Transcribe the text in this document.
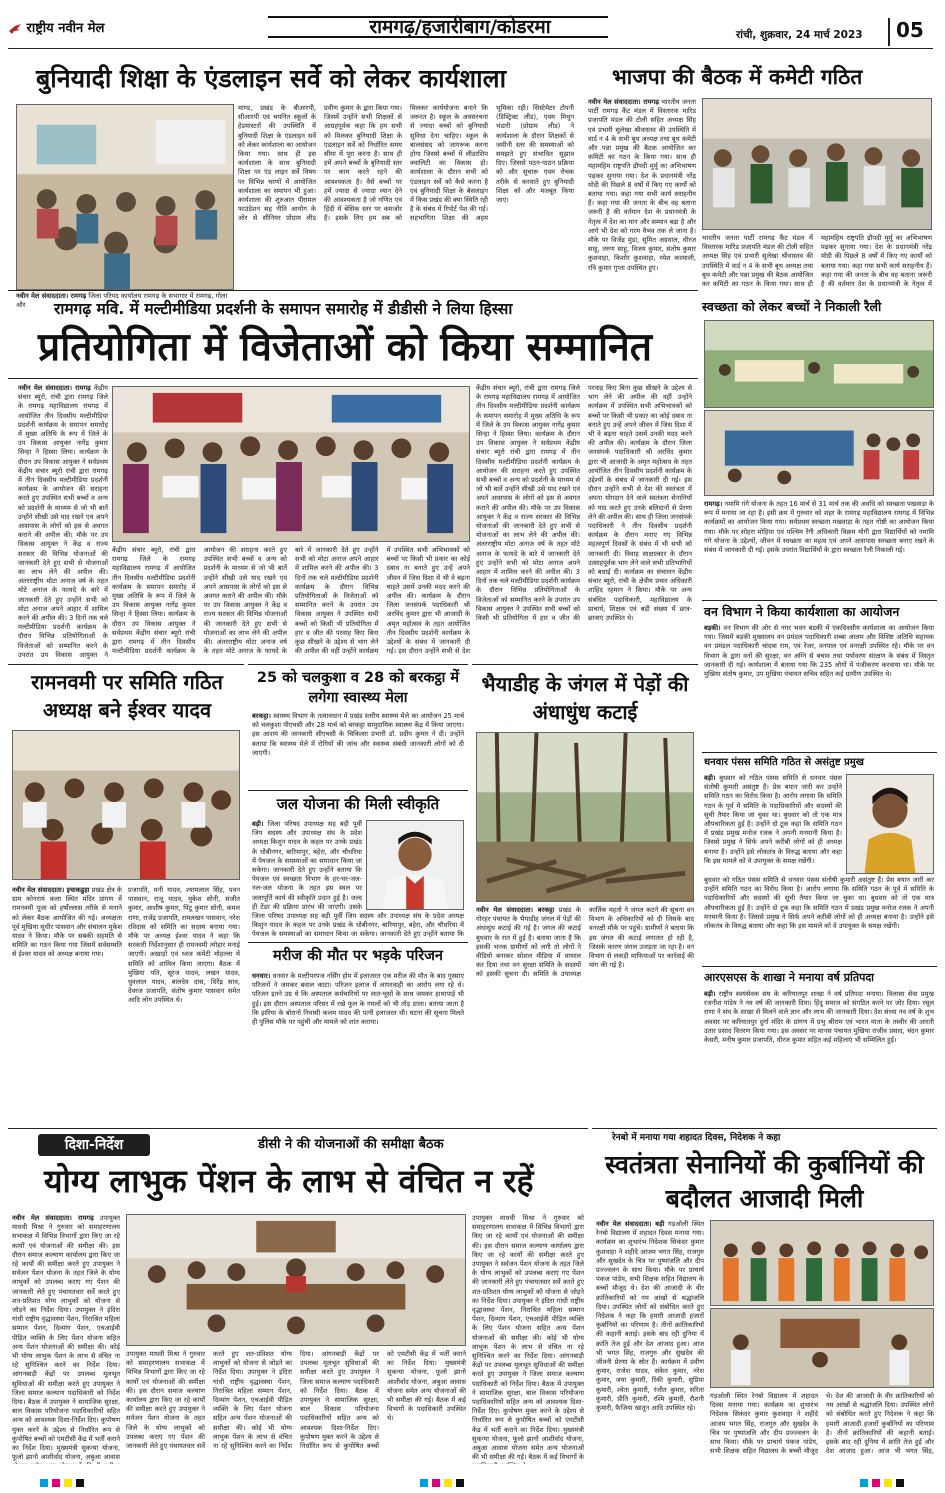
राष्ट्रीय नवीन मेल	रामगढ़/हजारीबाग/कोडरमा	रांची, शुक्रवार, 24 मार्च 2023 05
बुनियादी शिक्षा के एंडलाइन सर्वे को लेकर कार्यशाला
नवीन मेल संवाददाता। रामगढ़ जिला परियद कार्यालय रामगढ़ के सभागार में रामगढ़, गोला और
माण्ड, प्रखंड के बीआरपी, सीआरपी एवं चयनित स्कूलों के हेडमास्टरों की उपस्थिति में बुनियादी शिक्षा के एंडलाइन सर्वे को लेकर कार्यशाला का आयोजन किया गया। साथ ही इस कार्यशाला के साथ बुनियादी शिक्षा पर एंड लाइन सर्वे विषय पर विभिन्न चरणों में आयोजित कार्यशाला का समापन भी हुआ। कार्यशाला की शुरुआत पीरामल फाउंडेशन सह नीति आयोग के ओर से सीनियर प्रोग्राम लीड प्रवीण कुमार के द्वारा किया गया। जिसमें उन्होंने सभी शिक्षकों से आग्रहपूर्वक कहा कि हम सभी को मिलकर बुनियादी शिक्षा के एंडलाइन सर्वे को निर्धारित समय सीमा में पूरा करना है। साथ ही हमें अपने बच्चों के बुनियादी स्तर पर काम करते रहने की आवश्यकता है। वैसे बच्चों पर हमें ज्यादा से ज्यादा ध्यान देने की आवश्यकता है जो गणित एवं हिंदी में बेसिक स्तर पर कमजोर हैं। इसके लिए हम सब को मिलकर कार्ययोजना बनाने कि जरूरत है। स्कूल के अवसंरचना से ज्यादा बच्चों को बुनियादी सुविधा देना चाहिए। स्कूल के बालसंसद को जागरूक करना होगा जिससे बच्चों में लीडरशिप क्वालिटी का विकास हो। कार्यशाला के दौरान सभी को एंडलाइन सर्वे को कैसे करना है एवं बुनियादी शिक्षा के बेसलाइन में किस प्रखंड की क्या स्थिति रही है के संबंध में रिपोर्ट पेश की गई। सहभागिता शिक्षा की अहम भूमिका रही। सिस्टेमेटर टोपनी (डिस्ट्रिक्ट लीड), एवम मिथुन भंडारी (प्रोग्राम लीड) ने कार्यशाला के दौरान शिक्षकों से जमीनी स्तर की समस्याओं को समझते हुए संभावित सुझाव दिए। जिससे पठन-पाठन प्रक्रिया को और सुचारू एवम रोचक तरीके से करवाते हुए बुनियादी शिक्षा को और मजबूत किया जाए।
भाजपा की बैठक में कमेटी गठित
नवीन मेल संवाददाता। रामगढ़ भारतीय जनता पार्टी रामगढ़ कैंट मंडल में विस्तारक मारिड प्रजापति मंडल की टोली सहित अध्यक्ष सिंह एवं प्रभारी सुलेखा श्रीवास्तव की उपस्थिति में वार्ड न 4 के सभी बूथ अध्यक्ष तथा बूथ कमेटी और पन्ना प्रमुख की बैठक आयोजित कर कमिटी का गठन के किया गया। साथ ही महामहिम राष्ट्रपति द्रौपदी मुर्मू का अभिभाषण पढ़कर सुनाया गया। देश के प्रधानमंत्री नरेंद्र मोदी की पिछले 8 वर्षों में किए गए कार्यों को बताया गया। कहा गया सभी कार्य सराहनीय हैं। कहा गया की जनता के बीच वह बताना जरूरी है की वर्तमान देश के प्रधानमंत्री के नेतृत्व में देश का मान और सम्मान बढ़ा है और आगे भी देश को गरम वैभव तक ले जाना है। मौके पर विजेंद्र मुंडा, सुमित अग्रवाल, धीरज साहू, तरुण साहू, विजय कुमार, संतोष कुमार कुशवाहा, किशोर कुशवाहा, रमेश करमाली, रवि कुमार गुप्ता उपस्थित हुए।
भारतीय जनता पार्टी रामगढ़ कैंट मंडल में विस्तारक मारिड प्रजापति मंडल की टोली सहित अध्यक्ष सिंह एवं प्रभारी सुलेखा श्रीवास्तव की उपस्थिति में वार्ड न 4 के सभी बूथ अध्यक्ष तथा बूथ कमेटी और पन्ना प्रमुख की बैठक आयोजित कर कमिटी का गठन के किया गया। साथ ही महामहिम राष्ट्रपति द्रौपदी मुर्मू का अभिभाषण पढ़कर सुनाया गया। देश के प्रधानमंत्री नरेंद्र मोदी की पिछले 8 वर्षों में किए गए कार्यों को बताया गया। कहा गया सभी कार्य सराहनीय हैं। कहा गया की जनता के बीच वह बताना जरूरी है की वर्तमान देश के प्रधानमंत्री के नेतृत्व में
रामगढ़ मवि. में मल्टीमीडिया प्रदर्शनी के समापन समारोह में डीडीसी ने लिया हिस्सा
प्रतियोगिता में विजेताओं को किया सम्मानित
नवीन मेल संवाददाता। रामगढ़ केंद्रीय संचार ब्यूरो, रांची द्वारा रामगढ़ जिले के रामगढ़ महाविद्यालय रामगढ़ में आयोजित तीन दिवसीय मल्टीमीडिया प्रदर्शनी कार्यक्रम के समापन समारोह में मुख्य अतिथि के रूप में जिले के उप विकास आयुक्त नागेंद्र कुमार सिन्हा ने हिस्सा लिया। कार्यक्रम के दौरान उप विकास आयुक्त ने सर्वप्रथम केंद्रीय संचार ब्यूरो रांची द्वारा रामगढ़ में तीन दिवसीय मल्टीमीडिया प्रदर्शनी कार्यक्रम के आयोजन की सराहना करते हुए उपस्थित सभी बच्चों व अन्य को प्रदर्शनी के माध्यम से जो भी बातें उन्होंने सीखी उसे याद रखने एवं अपने आसपास के लोगों को इस से अवगत कराने की अपील की। मौके पर उप विकास आयुक्त ने केंद्र व राज्य सरकार की विभिन्न योजनाओं की जानकारी देते हुए सभी से योजनाओं का लाभ लेने की अपील की। अंतरराष्ट्रीय मोटा अनाज वर्ष के तहत मोटे अनाज के फायदे के बारे में जानकारी देते हुए उन्होंने सभी को मोटा अनाज अपने आहार में शामिल करने की अपील की। 3 दिनों तक चले मल्टीमीडिया प्रदर्शनी कार्यक्रम के दौरान विभिन्न प्रतियोगिताओं के विजेताओं को सम्मानित करने के उपरांत उप विकास आयुक्त ने
केंद्रीय संचार ब्यूरो, रांची द्वारा रामगढ़ जिले के रामगढ़ महाविद्यालय रामगढ़ में आयोजित तीन दिवसीय मल्टीमीडिया प्रदर्शनी कार्यक्रम के समापन समारोह में मुख्य अतिथि के रूप में जिले के उप विकास आयुक्त नागेंद्र कुमार सिन्हा ने हिस्सा लिया। कार्यक्रम के दौरान उप विकास आयुक्त ने सर्वप्रथम केंद्रीय संचार ब्यूरो रांची द्वारा रामगढ़ में तीन दिवसीय मल्टीमीडिया प्रदर्शनी कार्यक्रम के आयोजन की सराहना करते हुए उपस्थित सभी बच्चों व अन्य को प्रदर्शनी के माध्यम से जो भी बातें उन्होंने सीखी उसे याद रखने एवं अपने आसपास के लोगों को इस से अवगत कराने की अपील की। मौके पर उप विकास आयुक्त ने केंद्र व राज्य सरकार की विभिन्न योजनाओं की जानकारी देते हुए सभी से योजनाओं का लाभ लेने की अपील की। अंतरराष्ट्रीय मोटा अनाज वर्ष के तहत मोटे अनाज के फायदे के बारे में जानकारी देते हुए उन्होंने सभी को मोटा अनाज अपने आहार में शामिल करने की अपील की। 3 दिनों तक चले मल्टीमीडिया प्रदर्शनी कार्यक्रम के दौरान विभिन्न प्रतियोगिताओं के विजेताओं को सम्मानित करने के उपरांत उप विकास आयुक्त ने उपस्थित सभी बच्चों को किसी भी प्रतियोगिता में हार व जीत की परवाह किए बिना कुछ सीखने के उद्देश्य से भाग लेने की अपील की वहीं उन्होंने कार्यक्रम में उपस्थित सभी अभिभावकों को बच्चों पर किसी भी प्रकार का कोई दबाव ना बनाते हुए उन्हें अपने जीवन में जिस दिशा में भी वे बढ़ना चाहते उसमें उनकी मदद करने की अपील की। कार्यक्रम के दौरान जिला जनसंपर्क पदाधिकारी श्री अरविंद कुमार द्वारा भी आजादी के अमृत महोत्सव के तहत आयोजित तीन दिवसीय प्रदर्शनी कार्यक्रम के उद्देश्यों के संबंध में जानकारी दी गई। इस दौरान उन्होंने सभी से देश
केंद्रीय संचार ब्यूरो, रांची द्वारा रामगढ़ जिले के रामगढ़ महाविद्यालय रामगढ़ में आयोजित तीन दिवसीय मल्टीमीडिया प्रदर्शनी कार्यक्रम के समापन समारोह में मुख्य अतिथि के रूप में जिले के उप विकास आयुक्त नागेंद्र कुमार सिन्हा ने हिस्सा लिया। कार्यक्रम के दौरान उप विकास आयुक्त ने सर्वप्रथम केंद्रीय संचार ब्यूरो रांची द्वारा रामगढ़ में तीन दिवसीय मल्टीमीडिया प्रदर्शनी कार्यक्रम के आयोजन की सराहना करते हुए उपस्थित सभी बच्चों व अन्य को प्रदर्शनी के माध्यम से जो भी बातें उन्होंने सीखी उसे याद रखने एवं अपने आसपास के लोगों को इस से अवगत कराने की अपील की। मौके पर उप विकास आयुक्त ने केंद्र व राज्य सरकार की विभिन्न योजनाओं की जानकारी देते हुए सभी से योजनाओं का लाभ लेने की अपील की। अंतरराष्ट्रीय मोटा अनाज वर्ष के तहत मोटे अनाज के फायदे के बारे में जानकारी देते हुए उन्होंने सभी को मोटा अनाज अपने आहार में शामिल करने की अपील की। 3 दिनों तक चले मल्टीमीडिया प्रदर्शनी कार्यक्रम के दौरान विभिन्न प्रतियोगिताओं के विजेताओं को सम्मानित करने के उपरांत उप विकास आयुक्त ने उपस्थित सभी बच्चों को किसी भी प्रतियोगिता में हार व जीत की परवाह किए बिना कुछ सीखने के उद्देश्य से भाग लेने की अपील की वहीं उन्होंने कार्यक्रम में उपस्थित सभी अभिभावकों को बच्चों पर किसी भी प्रकार का कोई दबाव ना बनाते हुए उन्हें अपने जीवन में जिस दिशा में भी वे बढ़ना चाहते उसमें उनकी मदद करने की अपील की। कार्यक्रम के दौरान जिला जनसंपर्क पदाधिकारी श्री अरविंद कुमार द्वारा भी आजादी के अमृत महोत्सव के तहत आयोजित तीन दिवसीय प्रदर्शनी कार्यक्रम के उद्देश्यों के संबंध में जानकारी दी गई। इस दौरान उन्होंने सभी से देश की स्वतंत्रता में अपना योगदान देने वाले स्वतंत्रता सेनानियों को याद करते हुए उनके बलिदानों से प्रेरणा लेने की अपील की। साथ ही जिला जनसंपर्क पदाधिकारी ने तीन दिवसीय प्रदर्शनी कार्यक्रम के दौरान मनाए गए विभिन्न महत्वपूर्ण दिवसों के संबंध में भी सभी को जानकारी दी। विवाह साक्षात्कार के दौरान उत्साहपूर्वक भाग लेने वाले सभी प्रतिभागियों को बधाई दी। कार्यक्रम का संचालन केंद्रीय संचार ब्यूरो, रांची के क्षेत्रीय प्रचार अधिकारी शाहिद रहमान ने किया। मौके पर अन्य संबंधित पदाधिकारी, महाविद्यालय के प्राचार्य, शिक्षक एवं बड़ी संख्या में छात्र-छात्राएं उपस्थित थे।
स्वच्छता को लेकर बच्चों ने निकाली रैली
रामगढ़। नमामि गंगे योजना के तहत 16 मार्च से 31 मार्च तक की अवधि को स्वच्छता पखवाड़ा के रूप में मनाया जा रहा है। इसी क्रम में गुरुवार को शहर के रामगढ़ महाविद्यालय रामगढ़ में विभिन्न कार्यक्रमों का आयोजन किया गया। सर्वप्रथम स्वच्छता पखवाड़ा के तहत गोष्ठी का आयोजन किया गया। मौके पर सोहरा मोहिया एवं पश्चिम रेंगी अधिकारी विक्रम योगी द्वारा विद्यार्थियों को नमामि गंगे योजना के उद्देश्यों, जीवन में स्वच्छता का महत्व एवं अपने आसपास स्वच्छता बनाए रखने के संबंध में जानकारी दी गई। इसके उपरांत विद्यार्थियों के द्वारा स्वच्छता रैली निकाली गई।
वन विभाग ने किया कार्यशाला का आयोजन
बड़की। वन विभाग की ओर से नगर भवन बड़की में एकदिवसीय कार्यशाला का आयोजन किया गया। जिसमें बड़की मुख्यालय वन प्रमंडल पदाधिकारी शब्बा आलम और विशिष्ट अतिथि सहायक वन प्रमंडल पदाधिकारी चांदबा राम, एवं रेंजर, वनपाल एवं वनरक्षी उपस्थित रहे। मौके पर वन विभाग के द्वारा वनों की सुरक्षा, वन अग्नि से बचाव तथा पर्यावरण संरक्षण के संबंध में विस्तृत जानकारी दी गई। कार्यशाला में बताया गया कि 235 लोगों में पंजीकरण करवाया था। मौके पर मुखिया संतोष कुमार, उप मुखिया पंचायत सचिव सहित कई ग्रामीण उपस्थित थे।
धनवार पंसस समिति गठित से असंतुष्ट प्रमुख
बड़ी। बुधवार को गठित पंसस समिति से धनवार पंसस संतोषी कुमारी असंतुष्ट हैं। प्रेस बयान जारी कर उन्होंने समिति गठन का विरोध किया है। आरोप लगाया कि समिति गठन के पूर्व में समिति के पदाधिकारियों और सदस्यों की सूची तैयार किया जा चुका था। बुधवार को तो एक मात्र औपचारिकता हुई है। उन्होंने दो टूक कहा कि समिति गठन में प्रखंड प्रमुख मनोज रजक ने अपनी मनमानी किया है। जिससे प्रमुख ने सिर्फ अपने करीबी लोगों को ही अध्यक्ष बनाया है। उन्होंने इसे लोकतंत्र के विरुद्ध बताया और कहा कि इस मामले को वे उपायुक्त के समक्ष रखेंगी।
बुधवार को गठित पंसस समिति से धनवार पंसस संतोषी कुमारी असंतुष्ट हैं। प्रेस बयान जारी कर उन्होंने समिति गठन का विरोध किया है। आरोप लगाया कि समिति गठन के पूर्व में समिति के पदाधिकारियों और सदस्यों की सूची तैयार किया जा चुका था। बुधवार को तो एक मात्र औपचारिकता हुई है। उन्होंने दो टूक कहा कि समिति गठन में प्रखंड प्रमुख मनोज रजक ने अपनी मनमानी किया है। जिससे प्रमुख ने सिर्फ अपने करीबी लोगों को ही अध्यक्ष बनाया है। उन्होंने इसे लोकतंत्र के विरुद्ध बताया और कहा कि इस मामले को वे उपायुक्त के समक्ष रखेंगी।
आरएसएस के शाखा ने मनाया वर्ष प्रतिपदा
बड़ी। राष्ट्रीय स्वयंसेवक संघ के करियातपुर शाखा ने वर्ष प्रतिपदा मनाया। विलासा सेवा प्रमुख रजनीश पांडेय ने नव वर्ष की जानकारी दिया। हिंदु समाज को संगठित करने पर जोर दिया। रसूल राणा ने संघ के शाखा से मिलने वाले ज्ञान और लाभ की जानकारी दिया। देश संध्या नव वर्ष के शुभ अवसर पर करियातपुर दुर्गा मंदिर के प्रांगण में प्रभु श्रीराम एवं भारत माता के तस्वीर की आरती उतार प्रसाद वितरण किया गया। इस अवसर पर मानस पंचायत मुखिया राजीव प्रसाद, चंदन कुमार केसरी, मनीष कुमार प्रजापति, धीरज कुमार सहित कई महिलाएं भी सम्मिलित हुईं।
रामनवमी पर समिति गठित अध्यक्ष बने ईश्वर यादव
नवीन मेल संवाददाता। इचाकडुहा प्रखंड क्षेत्र के ग्राम कोनरायं कला स्थित मंदिर प्रांगण में रामनवमी पूजा को हर्षोल्लास तरीके से मनाने को लेकर बैठक आयोजित की गई। अध्यक्षता पूर्व मुखिया सुधीर पासवान और संचालन मुकेश यादव ने किया। मौके पर सबकी सहमति से समिति का गठन किया गया जिसमें सर्वसम्मति से ईश्वर यादव को अध्यक्ष बनाया गया।
प्रजापति, मनी यादव, श्यामलाल सिंह, पवन पासवान, राजू यादव, मुकेश सोनी, संजीत कुमार, आशीष कुमार, पिंटू कुमार सोनी, कमल राणा, राजेंद्र प्रजापति, रामलखन पासवान, नरेश रविदास को समिति का सदस्य बनाया गया। मौके पर अध्यक्ष ईश्वर यादव ने कहा कि सरकारी निर्देशानुसार ही रामनवमी त्योहार मनाई जाएगी। अखाड़ों एवं ध्वज कमेटी मोहल्ला में समिति को शामिल किया जाएगा। बैठक में मुखिया पति, सूरज यादव, लखन यादव, धुवलाल यादव, बालदेव दास, धिरेंद्र साव, देवरज प्रजापति, संतोष कुमार पासवान समेत आदि लोग उपस्थित थे।
25 को चलकुशा व 28 को बरकट्ठा में लगेगा स्वास्थ्य मेला
बरकट्ठा। स्वास्थ्य विभाग के तत्वावधान में प्रखंड स्तरीय स्वास्थ्य मेले का आयोजन 25 मार्च को चलकुशा पीएचसी और 28 मार्च को बरकट्ठा सामुदायिक स्वास्थ्य केंद्र में किया जाएगा। इस आशय की जानकारी सीएचसी के चिकित्सा प्रभारी डॉ. प्रदीप कुमार ने दी। उन्होंने बताया कि स्वास्थ्य मेले में रोगियों की जांच और स्वास्थ्य संबंधी जानकारी लोगों को दी जाएगी।
जल योजना की मिली स्वीकृति
बड़ी। जिला परिषद उपाध्यक्ष सह बड़ी पूर्वी जिप सदस्य और उपाध्यक्ष संघ के प्रदेश अध्यक्ष किशुन यादव के कहल पर उनके प्रखंड के धोबीनगर, बारियापुर, बहेरा, और चौधरिया में पेयजल के समस्याओं का समाधान किया जा सकेगा। जानकारी देते हुए उन्होंने बताया कि पेयजल एवं स्वच्छता विभाग के हर-घर-जल-नल-जल योजना के तहत इस स्थल पर जलापूर्ति कार्य की स्वीकृति प्रदान हुई है। जल्द ही टेंडर की प्रक्रिया प्रारंभ की जाएगी। उसके
जिला परिषद उपाध्यक्ष सह बड़ी पूर्वी जिप सदस्य और उपाध्यक्ष संघ के प्रदेश अध्यक्ष किशुन यादव के कहल पर उनके प्रखंड के धोबीनगर, बारियापुर, बहेरा, और चौधरिया में पेयजल के समस्याओं का समाधान किया जा सकेगा। जानकारी देते हुए उन्होंने बताया कि
मरीज की मौत पर भड़के परिजन
धनवार। धनवार के मल्टीपरपज नर्सिंग होम में इलाजरत एक मरीज की मौत के बाद गुस्साए परिजनों ने जमकर बवाल काटा। परिजन इलाज में लापरवाही का आरोप लगा रहे थे। परिजन इतने उग्र थे कि अस्पताल कर्मचारियों पर लात-घूसों के साथ जमकर हाथापाई भी हुई। इस दौरान अस्पताल परिसर में रखे फूल के गमलों को भी तोड़ डाला। बताया जाता है कि झरिया के बोरानो निवासी कलम यादव की पत्नी इलाजरत थी। घटना की सूचना मिलते ही पुलिस मौके पर पहुंची और मामले को शांत कराया।
भैयाडीह के जंगल में पेड़ों की अंधाधुंध कटाई
नवीन मेल संवाददाता। बरकट्ठा प्रखंड के गोरहर पंचायत के भैयाडीह जंगल में पेड़ों की अंधाधुंध कटाई की गई है। जंगल की कटाई बुधवार के रात में हुई है। बताया जाता है कि इसकी भनक ग्रामीणों को लगी तो लोगों ने वीडियो बनाकर सोशल मीडिया में वायरल कर दिया तथा वन सुरक्षा समिति के सदस्यों को इसकी सूचना दी। समिति के उपाध्यक्ष कार्तिक महतो ने जंगल कटने की सूचना वन विभाग के अधिकारियों को दी जिसके बाद वनरक्षी मौके पर पहुंचे। ग्रामीणों ने बताया कि इस जंगल की कटाई लगातार हो रही है, जिसके कारण जंगल उजड़ता जा रहा है। वन विभाग से लकड़ी माफियाओं पर कार्रवाई की मांग की गई है।
दिशा-निर्देश	डीसी ने की योजनाओं की समीक्षा बैठक
योग्य लाभुक पेंशन के लाभ से वंचित न रहें
नवीन मेल संवाददाता। रामगढ़ उपायुक्त माधवी मिश्रा ने गुरुवार को समाहरणालय सभाकक्ष में विभिन्न विभागों द्वारा किए जा रहे कार्यों एवं योजनाओं की समीक्षा की। इस दौरान समाज कल्याण कार्यालय द्वारा किए जा रहे कार्यों की समीक्षा करते हुए उपायुक्त ने सर्वजन पेंशन योजना के तहत जिले के योग्य लाभुकों को उपलब्ध कराए गए पेंशन की जानकारी लेते हुए पंचायतवार सर्वे करते हुए शत-प्रतिशत योग्य लाभुकों को योजना से जोड़ने का निर्देश दिया। उपायुक्त ने इंदिरा गांधी राष्ट्रीय वृद्धावस्था पेंशन, निराश्रित महिला सम्मान पेंशन, दिव्यांग पेंशन, एचआईवी पीड़ित व्यक्ति के लिए पेंशन योजना सहित अन्य पेंशन योजनाओं की समीक्षा की। कोई भी योग्य लाभुक पेंशन के लाभ से वंचित ना रहे सुनिश्चित करने का निर्देश दिया। आंगनबाड़ी केंद्रों पर उपलब्ध मूलभूत सुविधाओं की समीक्षा करते हुए उपायुक्त ने जिला समाज कल्याण पदाधिकारी को निर्देश दिया। बैठक में उपायुक्त ने सामाजिक सुरक्षा, बाल विकास परियोजना पदाधिकारियों सहित अन्य को आवश्यक दिशा-निर्देश दिए। कुपोषण मुक्त करने के उद्देश्य से निर्धारित रूप से कुपोषित बच्चों को एमटीसी केंद्र में भर्ती कराने का निर्देश दिया। मुख्यमंत्री सुकन्या योजना, फूलो झानो आशीर्वाद योजना, अबुआ आवास
उपायुक्त माधवी मिश्रा ने गुरुवार को समाहरणालय सभाकक्ष में विभिन्न विभागों द्वारा किए जा रहे कार्यों एवं योजनाओं की समीक्षा की। इस दौरान समाज कल्याण कार्यालय द्वारा किए जा रहे कार्यों की समीक्षा करते हुए उपायुक्त ने सर्वजन पेंशन योजना के तहत जिले के योग्य लाभुकों को उपलब्ध कराए गए पेंशन की जानकारी लेते हुए पंचायतवार सर्वे करते हुए शत-प्रतिशत योग्य लाभुकों को योजना से जोड़ने का निर्देश दिया। उपायुक्त ने इंदिरा गांधी राष्ट्रीय वृद्धावस्था पेंशन, निराश्रित महिला सम्मान पेंशन, दिव्यांग पेंशन, एचआईवी पीड़ित व्यक्ति के लिए पेंशन योजना सहित अन्य पेंशन योजनाओं की समीक्षा की। कोई भी योग्य लाभुक पेंशन के लाभ से वंचित ना रहे सुनिश्चित करने का निर्देश दिया। आंगनबाड़ी केंद्रों पर उपलब्ध मूलभूत सुविधाओं की समीक्षा करते हुए उपायुक्त ने जिला समाज कल्याण पदाधिकारी को निर्देश दिया। बैठक में उपायुक्त ने सामाजिक सुरक्षा, बाल विकास परियोजना पदाधिकारियों सहित अन्य को आवश्यक दिशा-निर्देश दिए। कुपोषण मुक्त करने के उद्देश्य से निर्धारित रूप से कुपोषित बच्चों को एमटीसी केंद्र में भर्ती कराने का निर्देश दिया। मुख्यमंत्री सुकन्या योजना, फूलो झानो आशीर्वाद योजना, अबुआ आवास योजना समेत अन्य योजनाओं की भी समीक्षा की गई। बैठक में कई विभागों के पदाधिकारी उपस्थित थे।
उपायुक्त माधवी मिश्रा ने गुरुवार को समाहरणालय सभाकक्ष में विभिन्न विभागों द्वारा किए जा रहे कार्यों एवं योजनाओं की समीक्षा की। इस दौरान समाज कल्याण कार्यालय द्वारा किए जा रहे कार्यों की समीक्षा करते हुए उपायुक्त ने सर्वजन पेंशन योजना के तहत जिले के योग्य लाभुकों को उपलब्ध कराए गए पेंशन की जानकारी लेते हुए पंचायतवार सर्वे करते हुए शत-प्रतिशत योग्य लाभुकों को योजना से जोड़ने का निर्देश दिया। उपायुक्त ने इंदिरा गांधी राष्ट्रीय वृद्धावस्था पेंशन, निराश्रित महिला सम्मान पेंशन, दिव्यांग पेंशन, एचआईवी पीड़ित व्यक्ति के लिए पेंशन योजना सहित अन्य पेंशन योजनाओं की समीक्षा की। कोई भी योग्य लाभुक पेंशन के लाभ से वंचित ना रहे सुनिश्चित करने का निर्देश दिया। आंगनबाड़ी केंद्रों पर उपलब्ध मूलभूत सुविधाओं की समीक्षा करते हुए उपायुक्त ने जिला समाज कल्याण पदाधिकारी को निर्देश दिया। बैठक में उपायुक्त ने सामाजिक सुरक्षा, बाल विकास परियोजना पदाधिकारियों सहित अन्य को आवश्यक दिशा-निर्देश दिए। कुपोषण मुक्त करने के उद्देश्य से निर्धारित रूप से कुपोषित बच्चों को एमटीसी केंद्र में भर्ती कराने का निर्देश दिया। मुख्यमंत्री सुकन्या योजना, फूलो झानो आशीर्वाद योजना, अबुआ आवास योजना समेत अन्य योजनाओं की भी समीक्षा की गई। बैठक में कई विभागों के
रेनबो में मनाया गया शहादत दिवस, निदेशक ने कहा
स्वतंत्रता सेनानियों की कुर्बानियों की बदौलत आजादी मिली
नवीन मेल संवाददाता। बड़ी गड़ओली स्थित रेनबो विद्यालय में शहादत दिवस मनाया गया। कार्यक्रम का शुभारंभ निदेशक सिकंदर कुमार कुशवाहा ने शहीदे आजम भगत सिंह, राजगुरु और सुखदेव के चित्र पर पुष्पांजलि और दीप प्रज्ज्वलन के साथ किया। मौके पर प्राचार्य पंकज पांडेय, सभी शिक्षक सहित विद्यालय के बच्चों मौजूद थे। देश की आजादी के वीर क्रांतिकारियों को नम आंखों से श्रद्धांजलि दिया। उपस्थित लोगों को संबोधित करते हुए निदेशक ने कहा कि हमारी आजादी हजारों कुर्बानियों का परिणाम है। तीनों क्रांतिकारियों की कहानी बताई। इसके बाद रही दुनिया में क्रांति तेज हुई और देश आजाद हुआ। आज भी भगत सिंह, राजगुरु और सुखदेव की जीवनी प्रेरणा के स्रोत हैं। कार्यक्रम में प्रवीण कुमार, राजेश यादव, संकेत कुमार, नरेश कुमार, जया कुमारी, रिंकी कुमारी, सुप्रिया कुमारी, श्वेता कुमारी, रंजीत कुमार, सरिता कुमारी, प्रीति कुमारी, रश्मि कुमारी, रौशनी कुमारी, फैजिया खातून आदि उपस्थित रहे।
गड़ओली स्थित रेनबो विद्यालय में शहादत दिवस मनाया गया। कार्यक्रम का शुभारंभ निदेशक सिकंदर कुमार कुशवाहा ने शहीदे आजम भगत सिंह, राजगुरु और सुखदेव के चित्र पर पुष्पांजलि और दीप प्रज्ज्वलन के साथ किया। मौके पर प्राचार्य पंकज पांडेय, सभी शिक्षक सहित विद्यालय के बच्चों मौजूद थे। देश की आजादी के वीर क्रांतिकारियों को नम आंखों से श्रद्धांजलि दिया। उपस्थित लोगों को संबोधित करते हुए निदेशक ने कहा कि हमारी आजादी हजारों कुर्बानियों का परिणाम है। तीनों क्रांतिकारियों की कहानी बताई। इसके बाद रही दुनिया में क्रांति तेज हुई और देश आजाद हुआ। आज भी भगत सिंह,
